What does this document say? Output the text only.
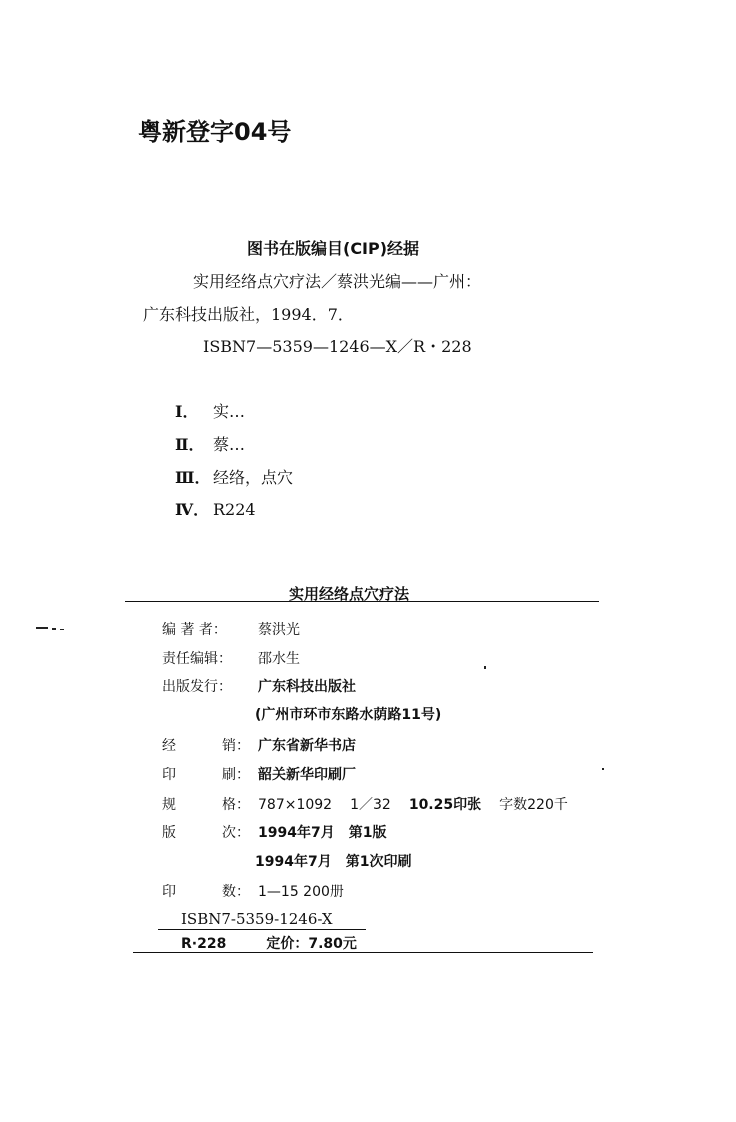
粤新登字04号
图书在版编目(CIP)经据
实用经络点穴疗法／蔡洪光编——广州：
广东科技出版社，1994．7．
ISBN7—5359—1246—X／R・228
Ⅰ． 实…
Ⅱ． 蔡…
Ⅲ． 经络，点穴
Ⅳ． R224
实用经络点穴疗法
编 著 者： 蔡洪光
责任编辑： 邵水生
出版发行： 广东科技出版社
(广州市环市东路水荫路11号)
经	销： 广东省新华书店
印	刷： 韶关新华印刷厂
规	格： 787×1092 1／32 10.25印张 字数220千
版	次： 1994年7月　第1版
1994年7月　第1次印刷
印	数： 1—15 200册
ISBN7-5359-1246-X
R·228	定价：7.80元
